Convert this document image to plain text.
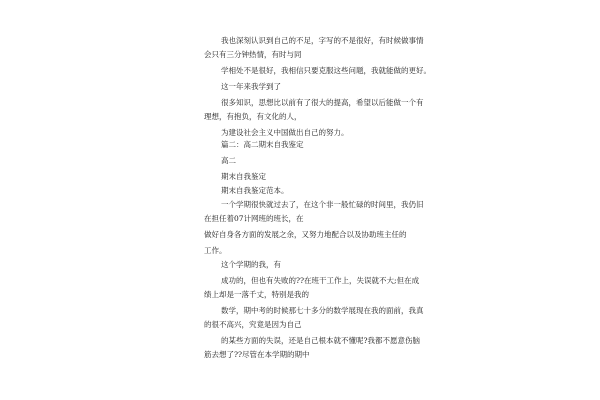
我也深刻认识到自己的不足，字写的不是很好，有时候做事情
会只有三分钟热情，有时与同
学相处不是很好，我相信只要克服这些问题，我就能做的更好。
这一年来我学到了
很多知识，思想比以前有了很大的提高，希望以后能做一个有
理想，有抱负，有文化的人，
为建设社会主义中国做出自己的努力。
篇二：高二期末自我鉴定
高二
期末自我鉴定
期末自我鉴定范本。
一个学期很快就过去了，在这个非一般忙碌的时间里，我仍旧
在担任着07计网班的班长，在
做好自身各方面的发展之余，又努力地配合以及协助班主任的
工作。
这个学期的我，有
成功的，但也有失败的??在班干工作上，失误就不大;但在成
绩上却是一落千丈，特别是我的
数学，期中考的时候那七十多分的数学展现在我的面前，我真
的很不高兴，究竟是因为自己
的某些方面的失误，还是自己根本就不懂呢?我都不愿意伤脑
筋去想了??尽管在本学期的期中
